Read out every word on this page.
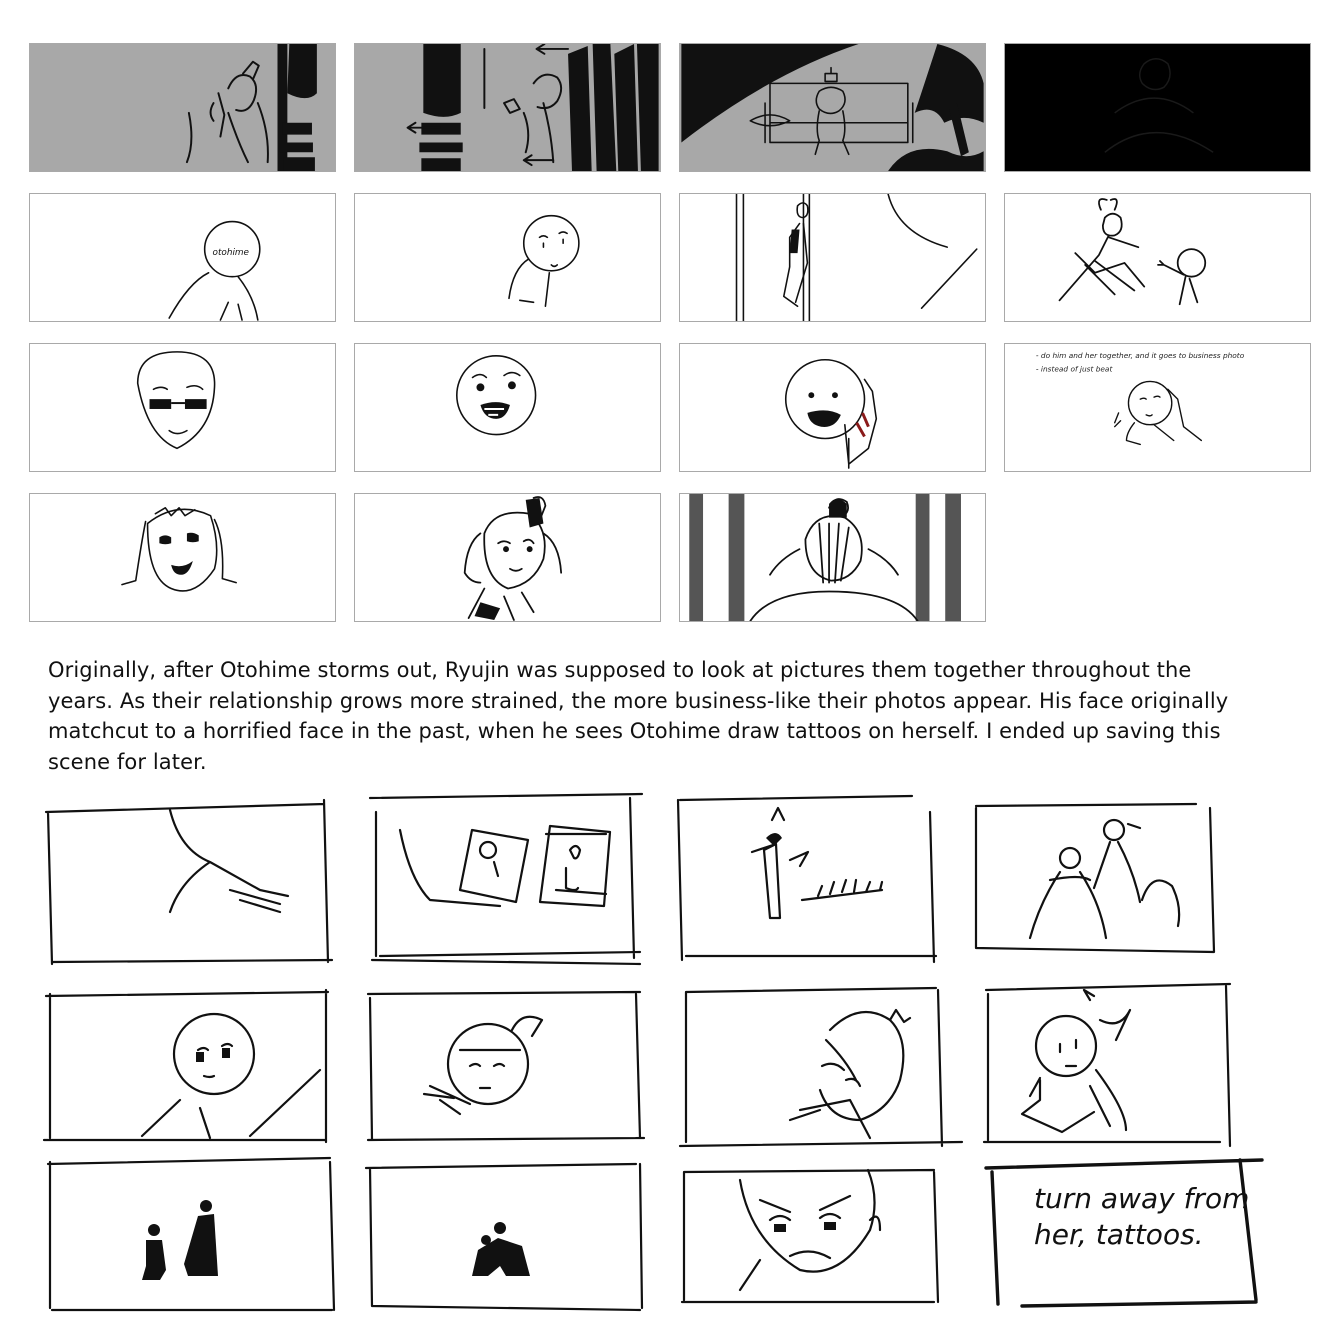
otohime
- do him and her together, and it goes to business photo
- instead of just beat

Originally, after Otohime storms out, Ryujin was supposed to look at pictures them together throughout the years. As their relationship grows more strained, the more business-like their photos appear. His face originally matchcut to a horrified face in the past, when he sees Otohime draw tattoos on herself. I ended up saving this scene for later.

turn away from
her, tattoos.
